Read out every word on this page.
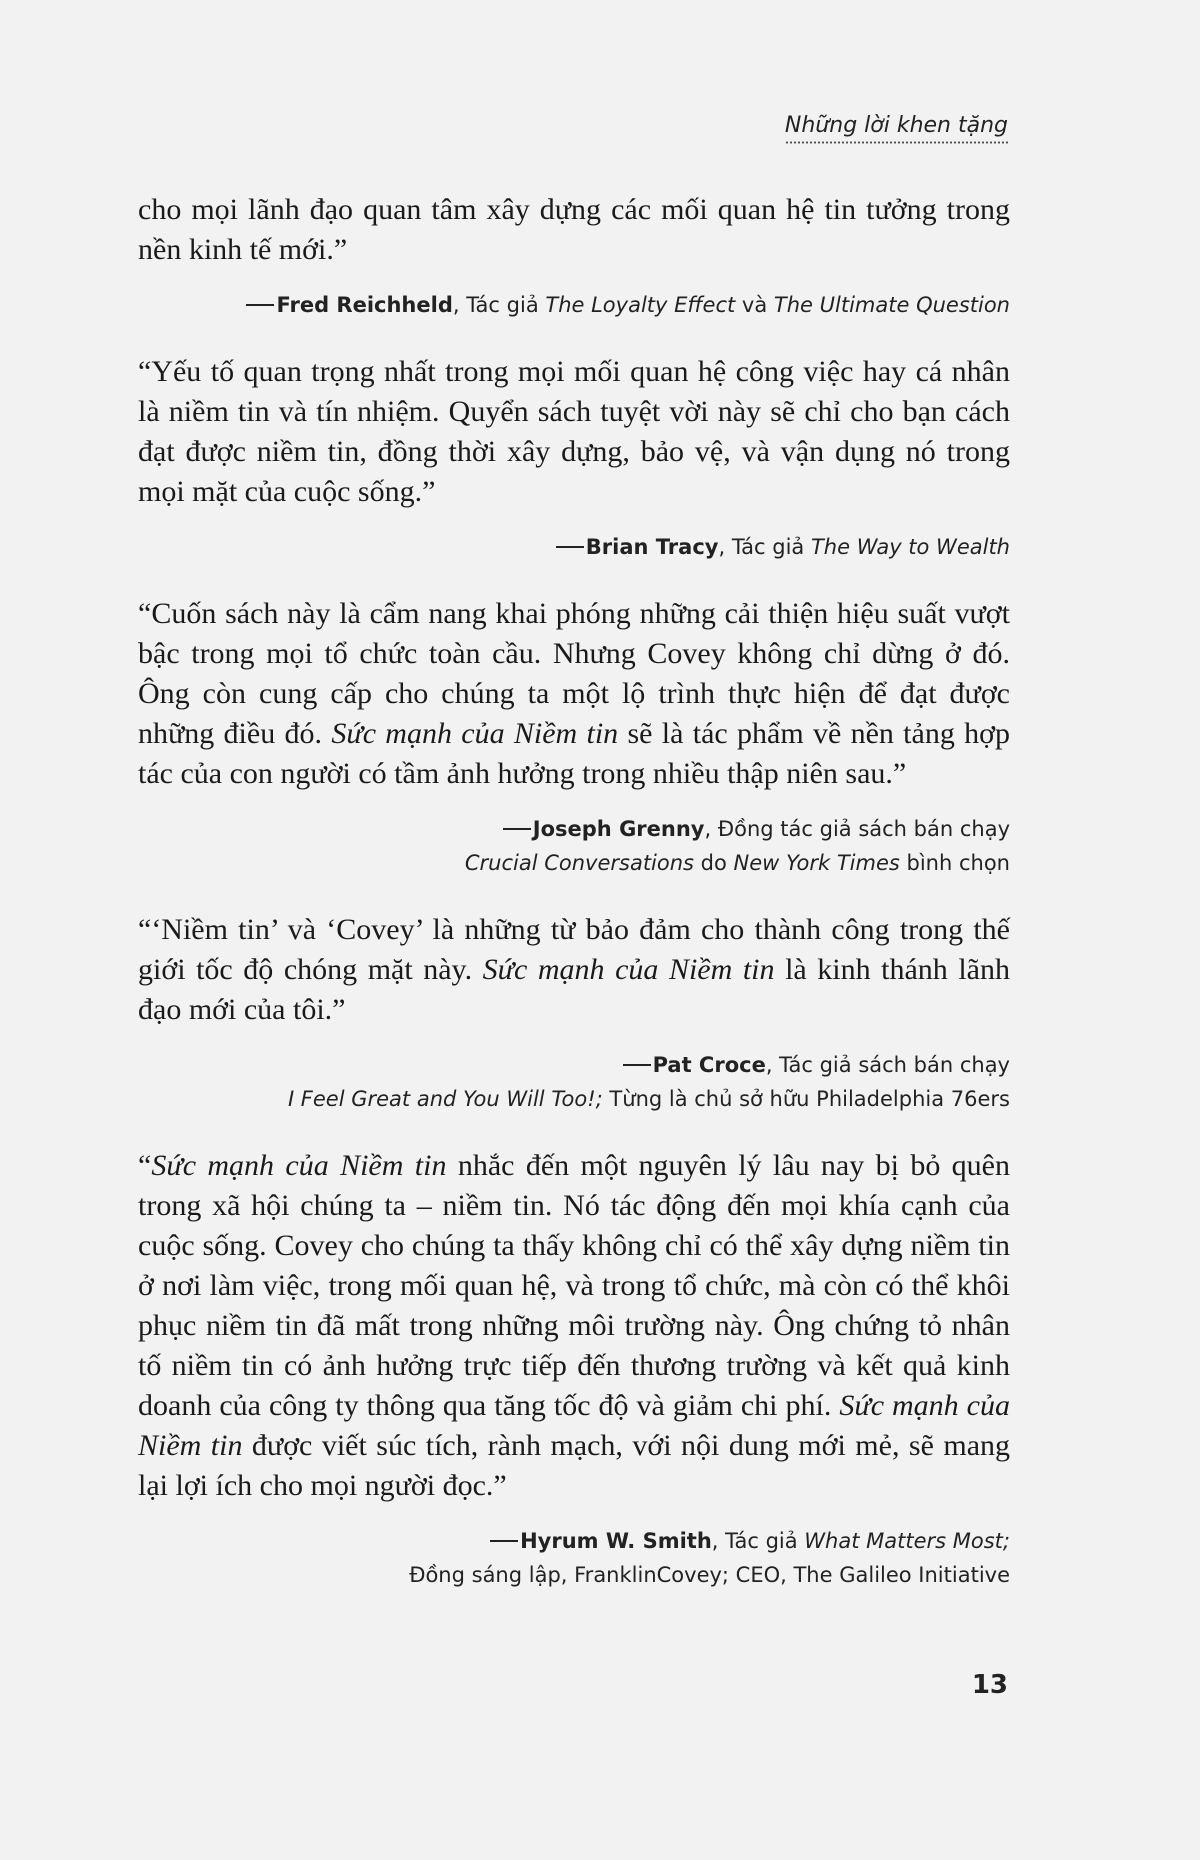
Những lời khen tặng

cho mọi lãnh đạo quan tâm xây dựng các mối quan hệ tin tưởng trong nền kinh tế mới.”

Fred Reichheld, Tác giả The Loyalty Effect và The Ultimate Question

“Yếu tố quan trọng nhất trong mọi mối quan hệ công việc hay cá nhân là niềm tin và tín nhiệm. Quyển sách tuyệt vời này sẽ chỉ cho bạn cách đạt được niềm tin, đồng thời xây dựng, bảo vệ, và vận dụng nó trong mọi mặt của cuộc sống.”

Brian Tracy, Tác giả The Way to Wealth

“Cuốn sách này là cẩm nang khai phóng những cải thiện hiệu suất vượt bậc trong mọi tổ chức toàn cầu. Nhưng Covey không chỉ dừng ở đó. Ông còn cung cấp cho chúng ta một lộ trình thực hiện để đạt được những điều đó. Sức mạnh của Niềm tin sẽ là tác phẩm về nền tảng hợp tác của con người có tầm ảnh hưởng trong nhiều thập niên sau.”

Joseph Grenny, Đồng tác giả sách bán chạy
Crucial Conversations do New York Times bình chọn

“‘Niềm tin’ và ‘Covey’ là những từ bảo đảm cho thành công trong thế giới tốc độ chóng mặt này. Sức mạnh của Niềm tin là kinh thánh lãnh đạo mới của tôi.”

Pat Croce, Tác giả sách bán chạy
I Feel Great and You Will Too!; Từng là chủ sở hữu Philadelphia 76ers

“Sức mạnh của Niềm tin nhắc đến một nguyên lý lâu nay bị bỏ quên trong xã hội chúng ta – niềm tin. Nó tác động đến mọi khía cạnh của cuộc sống. Covey cho chúng ta thấy không chỉ có thể xây dựng niềm tin ở nơi làm việc, trong mối quan hệ, và trong tổ chức, mà còn có thể khôi phục niềm tin đã mất trong những môi trường này. Ông chứng tỏ nhân tố niềm tin có ảnh hưởng trực tiếp đến thương trường và kết quả kinh doanh của công ty thông qua tăng tốc độ và giảm chi phí. Sức mạnh của Niềm tin được viết súc tích, rành mạch, với nội dung mới mẻ, sẽ mang lại lợi ích cho mọi người đọc.”

Hyrum W. Smith, Tác giả What Matters Most;
Đồng sáng lập, FranklinCovey; CEO, The Galileo Initiative

13
